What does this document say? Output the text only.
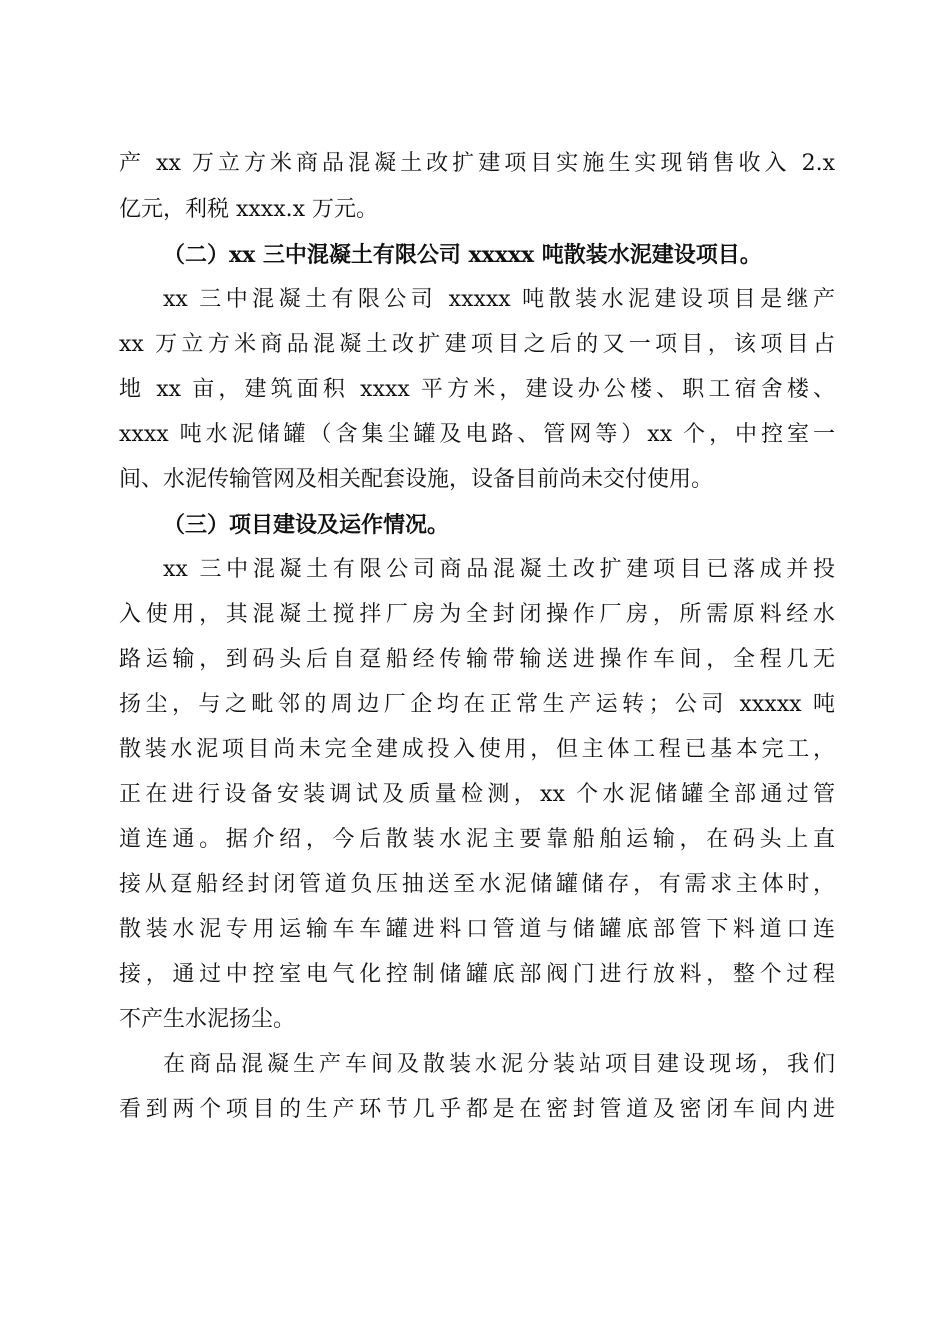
产 xx 万立方米商品混凝土改扩建项目实施生实现销售收入 2.x
亿元，利税 xxxx.x 万元。
（二）xx 三中混凝土有限公司 xxxxx 吨散装水泥建设项目。
xx 三中混凝土有限公司 xxxxx 吨散装水泥建设项目是继产
xx 万立方米商品混凝土改扩建项目之后的又一项目，该项目占
地 xx 亩，建筑面积 xxxx 平方米，建设办公楼、职工宿舍楼、
xxxx 吨水泥储罐（含集尘罐及电路、管网等）xx 个，中控室一
间、水泥传输管网及相关配套设施，设备目前尚未交付使用。
（三）项目建设及运作情况。
xx 三中混凝土有限公司商品混凝土改扩建项目已落成并投
入使用，其混凝土搅拌厂房为全封闭操作厂房，所需原料经水
路运输，到码头后自趸船经传输带输送进操作车间，全程几无
扬尘，与之毗邻的周边厂企均在正常生产运转；公司 xxxxx 吨
散装水泥项目尚未完全建成投入使用，但主体工程已基本完工，
正在进行设备安装调试及质量检测，xx 个水泥储罐全部通过管
道连通。据介绍，今后散装水泥主要靠船舶运输，在码头上直
接从趸船经封闭管道负压抽送至水泥储罐储存，有需求主体时，
散装水泥专用运输车车罐进料口管道与储罐底部管下料道口连
接，通过中控室电气化控制储罐底部阀门进行放料，整个过程
不产生水泥扬尘。
在商品混凝生产车间及散装水泥分装站项目建设现场，我们
看到两个项目的生产环节几乎都是在密封管道及密闭车间内进
